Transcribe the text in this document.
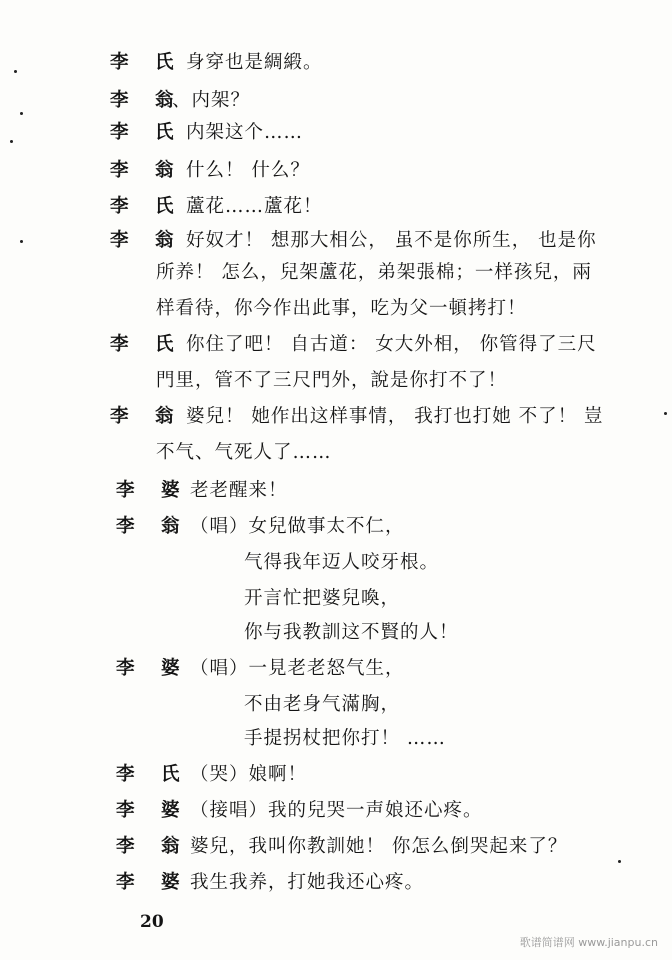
李 氏 身穿也是綢緞。
李 翁
、内架？
李 氏 内架这个……
李 翁 什么！ 什么？
李 氏 蘆花……蘆花！
李 翁 好奴才！ 想那大相公， 虽不是你所生， 也是你
所养！ 怎么，兒架蘆花，弟架張棉；一样孩兒，兩
样看待，你今作出此事，吃为父一頓拷打！
李 氏 你住了吧！ 自古道： 女大外相， 你管得了三尺
門里，管不了三尺門外，說是你打不了！
李 翁 婆兒！ 她作出这样事情， 我打也打她 不了！ 豈
不气、气死人了……
李 婆 老老醒来！
李 翁 （唱）女兒做事太不仁，
气得我年迈人咬牙根。
开言忙把婆兒喚，
你与我教訓这不賢的人！
李 婆 （唱）一見老老怒气生，
不由老身气滿胸，
手提拐杖把你打！ ……
李 氏 （哭）娘啊！
李 婆 （接唱）我的兒哭一声娘还心疼。
李 翁 婆兒，我叫你教訓她！ 你怎么倒哭起来了？
李 婆 我生我养，打她我还心疼。
20
歌谱简谱网 www.jianpu.cn
